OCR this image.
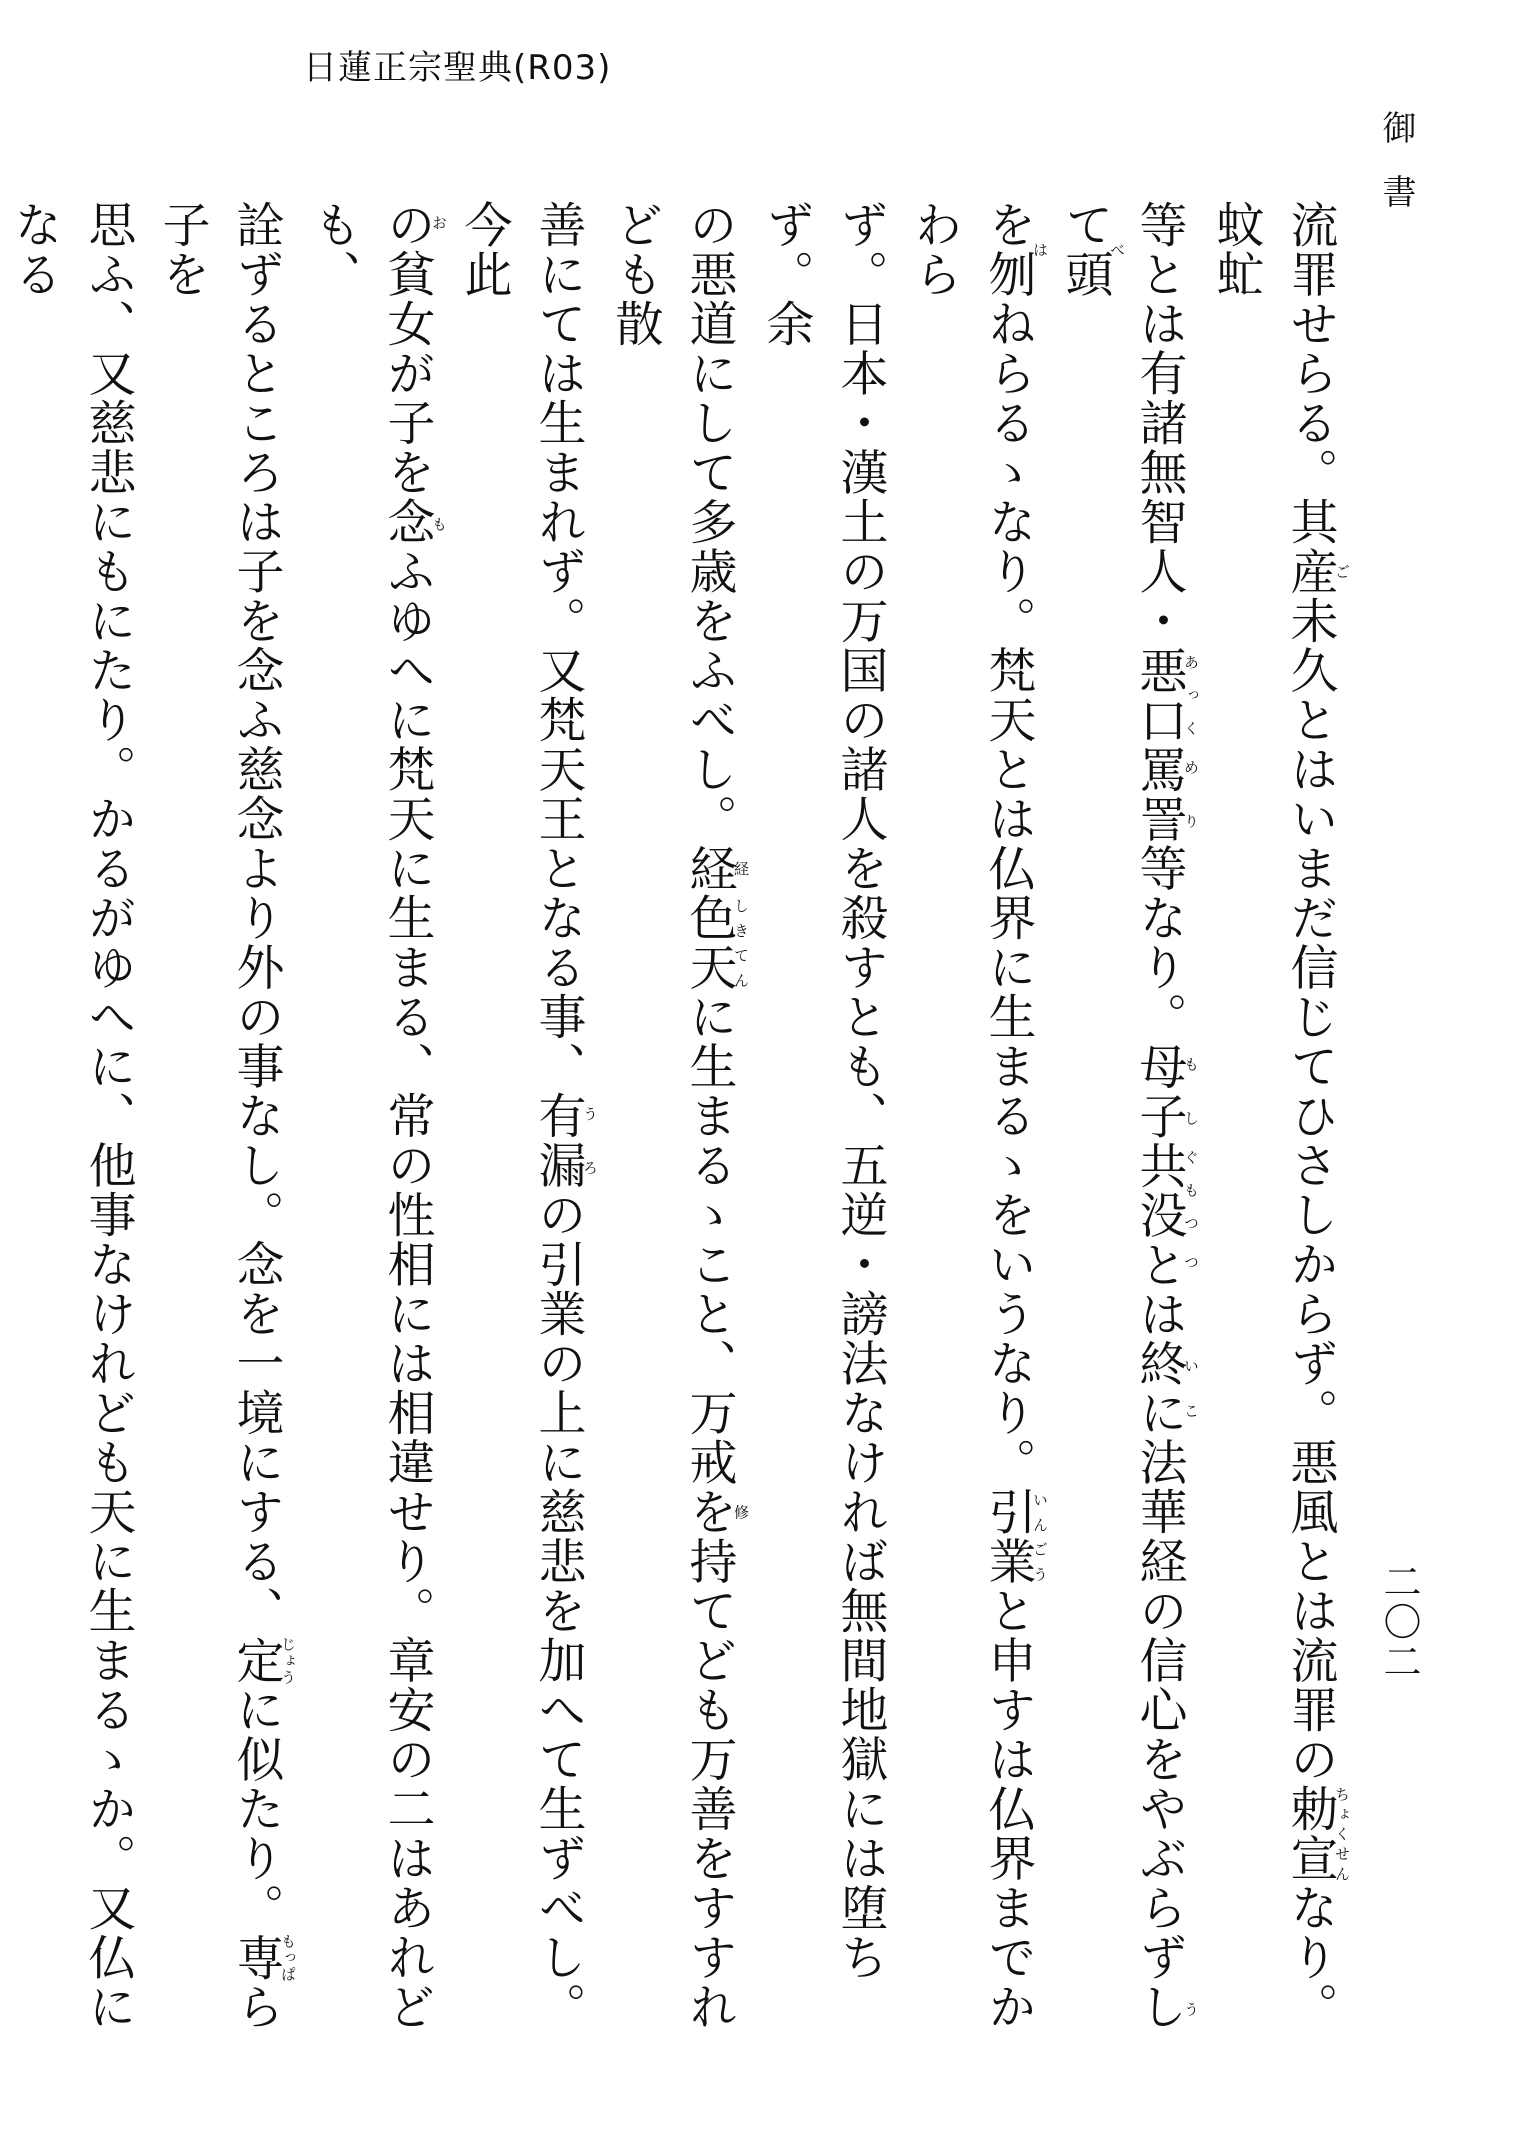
日蓮正宗聖典(R03)
御書
二〇二
流罪せらる。其産ご未久とはいまだ信じてひさしからず。悪風とは流罪の勅宣ちょくせんなり。蚊虻
等とは有諸無智人・悪口あっく罵詈めり等なり。母子もし共没ぐもつとは終ついに法華経の信心をやぶらずして頭こうべ
を刎はねらるゝなり。梵天とは仏界に生まるゝをいうなり。引業いんごうと申すは仏界までかわら
ず。日本・漢土の万国の諸人を殺すとも、五逆・謗法なければ無間地獄には堕ちず。余
の悪道にして多歳をふべし。経経色天しきてんに生まるゝこと、万戒を持てども万善をすすれども散修
善にては生まれず。又梵天王となる事、有漏うろの引業の上に慈悲を加へて生ずべし。今此
の貧女が子を念おもふゆへに梵天に生まる、常の性相には相違せり。章安の二はあれども、
詮ずるところは子を念ふ慈念より外の事なし。念を一境にする、定じょうに似たり。専もっぱら子を
思ふ、又慈悲にもにたり。かるがゆへに、他事なけれども天に生まるゝか。又仏になる
